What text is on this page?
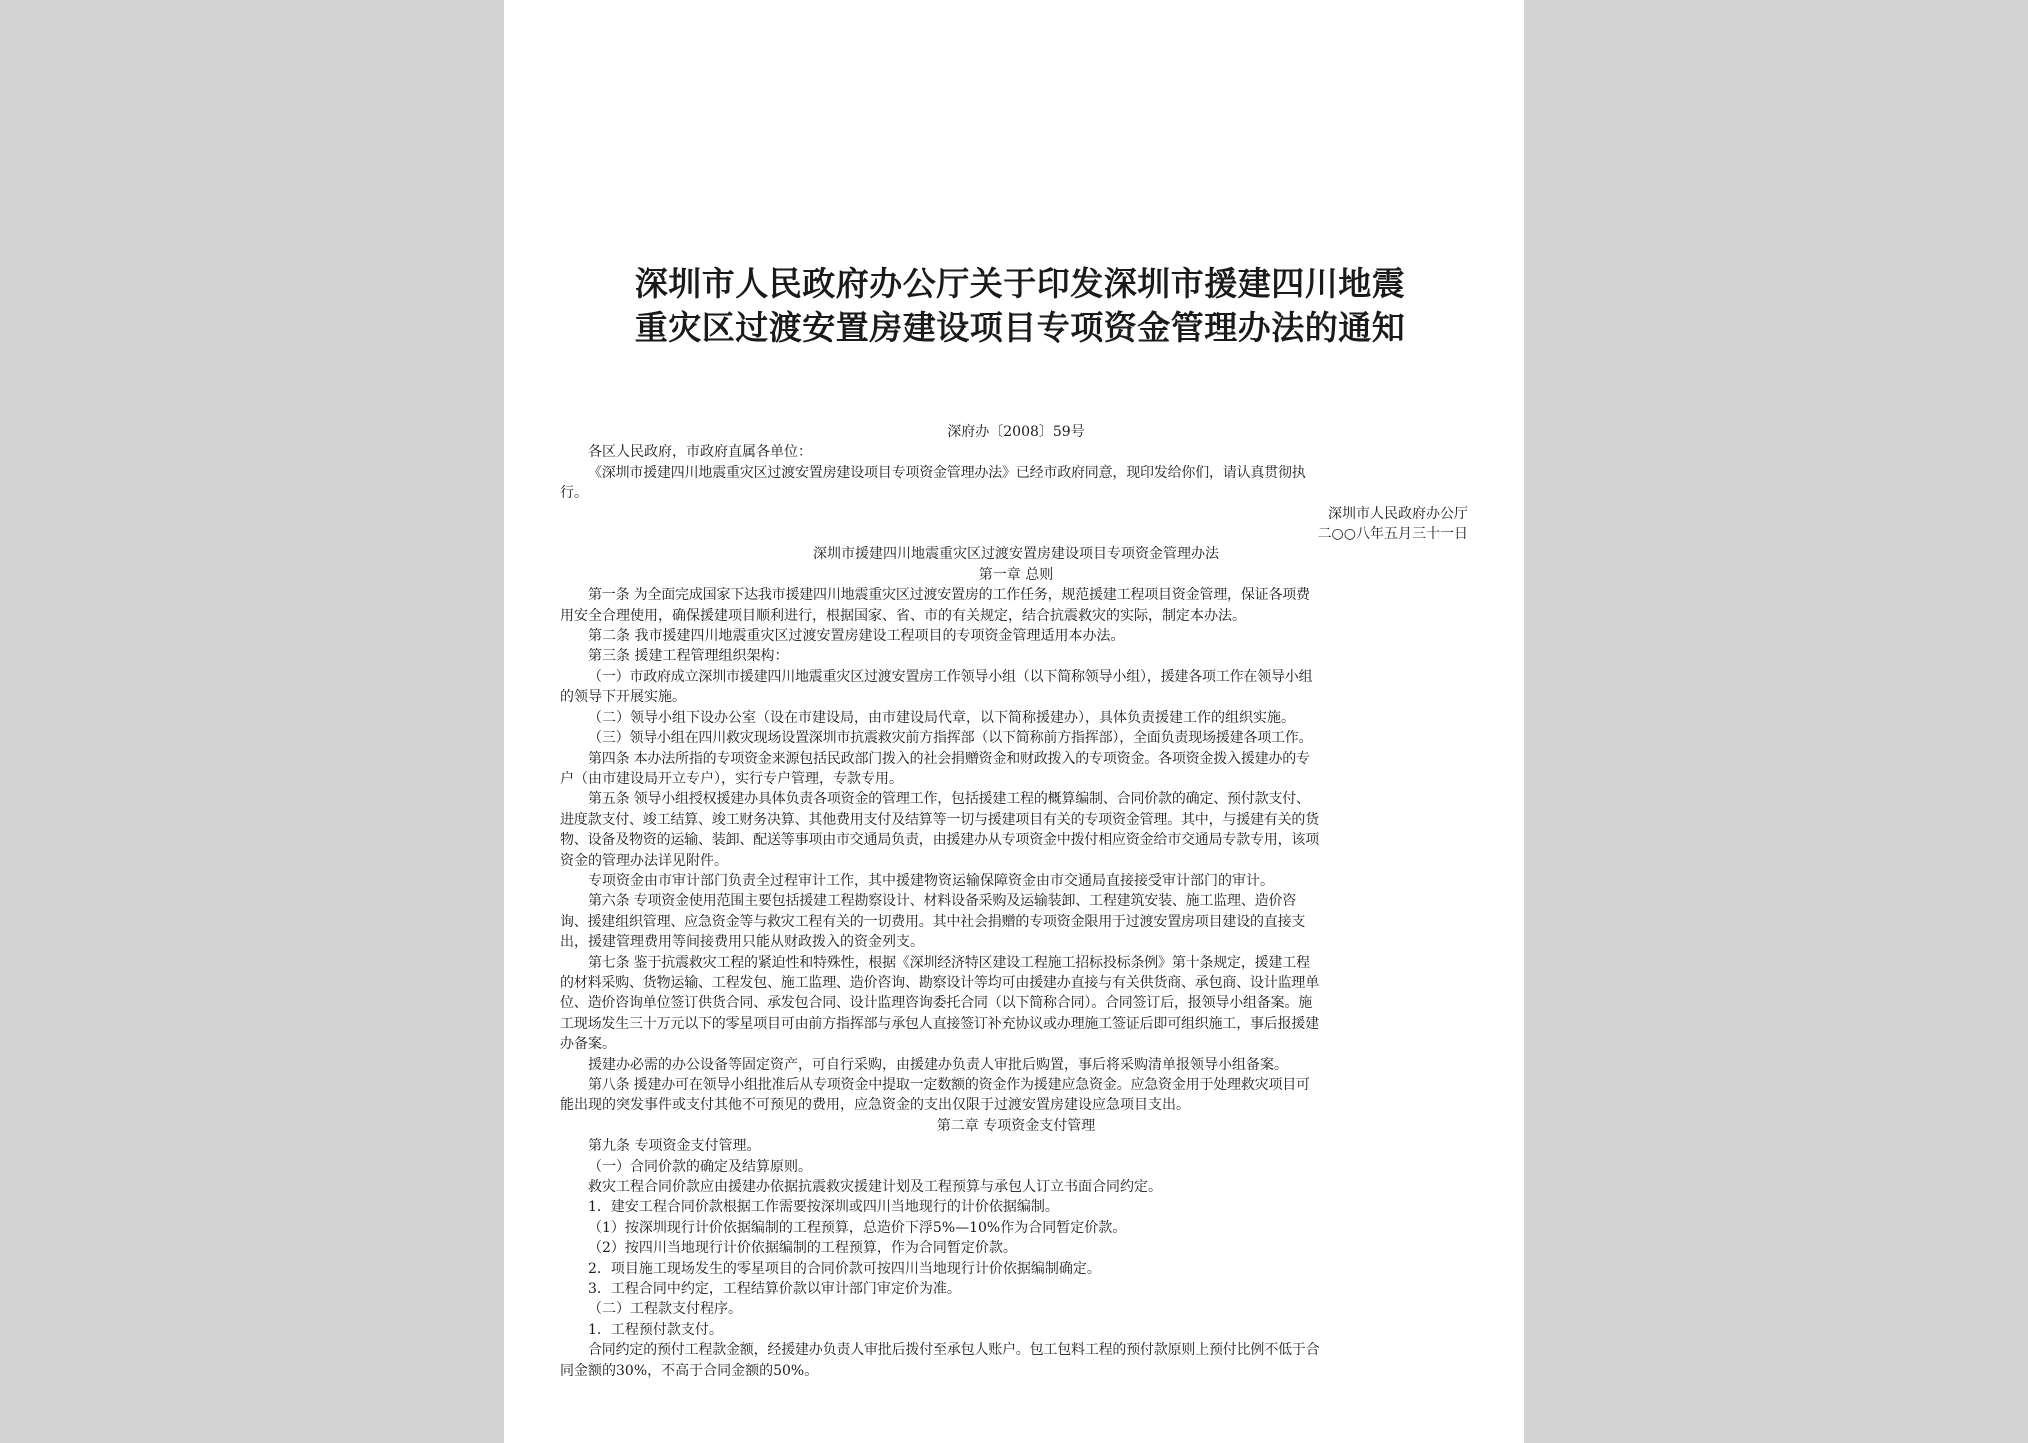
深圳市人民政府办公厅关于印发深圳市援建四川地震
重灾区过渡安置房建设项目专项资金管理办法的通知
深府办〔2008〕59号
各区人民政府，市政府直属各单位：
《深圳市援建四川地震重灾区过渡安置房建设项目专项资金管理办法》已经市政府同意，现印发给你们，请认真贯彻执
行。
深圳市人民政府办公厅
二○○八年五月三十一日
深圳市援建四川地震重灾区过渡安置房建设项目专项资金管理办法
第一章 总则
第一条 为全面完成国家下达我市援建四川地震重灾区过渡安置房的工作任务，规范援建工程项目资金管理，保证各项费
用安全合理使用，确保援建项目顺利进行，根据国家、省、市的有关规定，结合抗震救灾的实际，制定本办法。
第二条 我市援建四川地震重灾区过渡安置房建设工程项目的专项资金管理适用本办法。
第三条 援建工程管理组织架构：
（一）市政府成立深圳市援建四川地震重灾区过渡安置房工作领导小组（以下简称领导小组），援建各项工作在领导小组
的领导下开展实施。
（二）领导小组下设办公室（设在市建设局，由市建设局代章，以下简称援建办），具体负责援建工作的组织实施。
（三）领导小组在四川救灾现场设置深圳市抗震救灾前方指挥部（以下简称前方指挥部），全面负责现场援建各项工作。
第四条 本办法所指的专项资金来源包括民政部门拨入的社会捐赠资金和财政拨入的专项资金。各项资金拨入援建办的专
户（由市建设局开立专户），实行专户管理，专款专用。
第五条 领导小组授权援建办具体负责各项资金的管理工作，包括援建工程的概算编制、合同价款的确定、预付款支付、
进度款支付、竣工结算、竣工财务决算、其他费用支付及结算等一切与援建项目有关的专项资金管理。其中，与援建有关的货
物、设备及物资的运输、装卸、配送等事项由市交通局负责，由援建办从专项资金中拨付相应资金给市交通局专款专用，该项
资金的管理办法详见附件。
专项资金由市审计部门负责全过程审计工作，其中援建物资运输保障资金由市交通局直接接受审计部门的审计。
第六条 专项资金使用范围主要包括援建工程勘察设计、材料设备采购及运输装卸、工程建筑安装、施工监理、造价咨
询、援建组织管理、应急资金等与救灾工程有关的一切费用。其中社会捐赠的专项资金限用于过渡安置房项目建设的直接支
出，援建管理费用等间接费用只能从财政拨入的资金列支。
第七条 鉴于抗震救灾工程的紧迫性和特殊性，根据《深圳经济特区建设工程施工招标投标条例》第十条规定，援建工程
的材料采购、货物运输、工程发包、施工监理、造价咨询、勘察设计等均可由援建办直接与有关供货商、承包商、设计监理单
位、造价咨询单位签订供货合同、承发包合同、设计监理咨询委托合同（以下简称合同）。合同签订后，报领导小组备案。施
工现场发生三十万元以下的零星项目可由前方指挥部与承包人直接签订补充协议或办理施工签证后即可组织施工，事后报援建
办备案。
援建办必需的办公设备等固定资产，可自行采购，由援建办负责人审批后购置，事后将采购清单报领导小组备案。
第八条 援建办可在领导小组批准后从专项资金中提取一定数额的资金作为援建应急资金。应急资金用于处理救灾项目可
能出现的突发事件或支付其他不可预见的费用，应急资金的支出仅限于过渡安置房建设应急项目支出。
第二章 专项资金支付管理
第九条 专项资金支付管理。
（一）合同价款的确定及结算原则。
救灾工程合同价款应由援建办依据抗震救灾援建计划及工程预算与承包人订立书面合同约定。
1．建安工程合同价款根据工作需要按深圳或四川当地现行的计价依据编制。
（1）按深圳现行计价依据编制的工程预算，总造价下浮5%—10%作为合同暂定价款。
（2）按四川当地现行计价依据编制的工程预算，作为合同暂定价款。
2．项目施工现场发生的零星项目的合同价款可按四川当地现行计价依据编制确定。
3．工程合同中约定，工程结算价款以审计部门审定价为准。
（二）工程款支付程序。
1．工程预付款支付。
合同约定的预付工程款金额，经援建办负责人审批后拨付至承包人账户。包工包料工程的预付款原则上预付比例不低于合
同金额的30%，不高于合同金额的50%。
